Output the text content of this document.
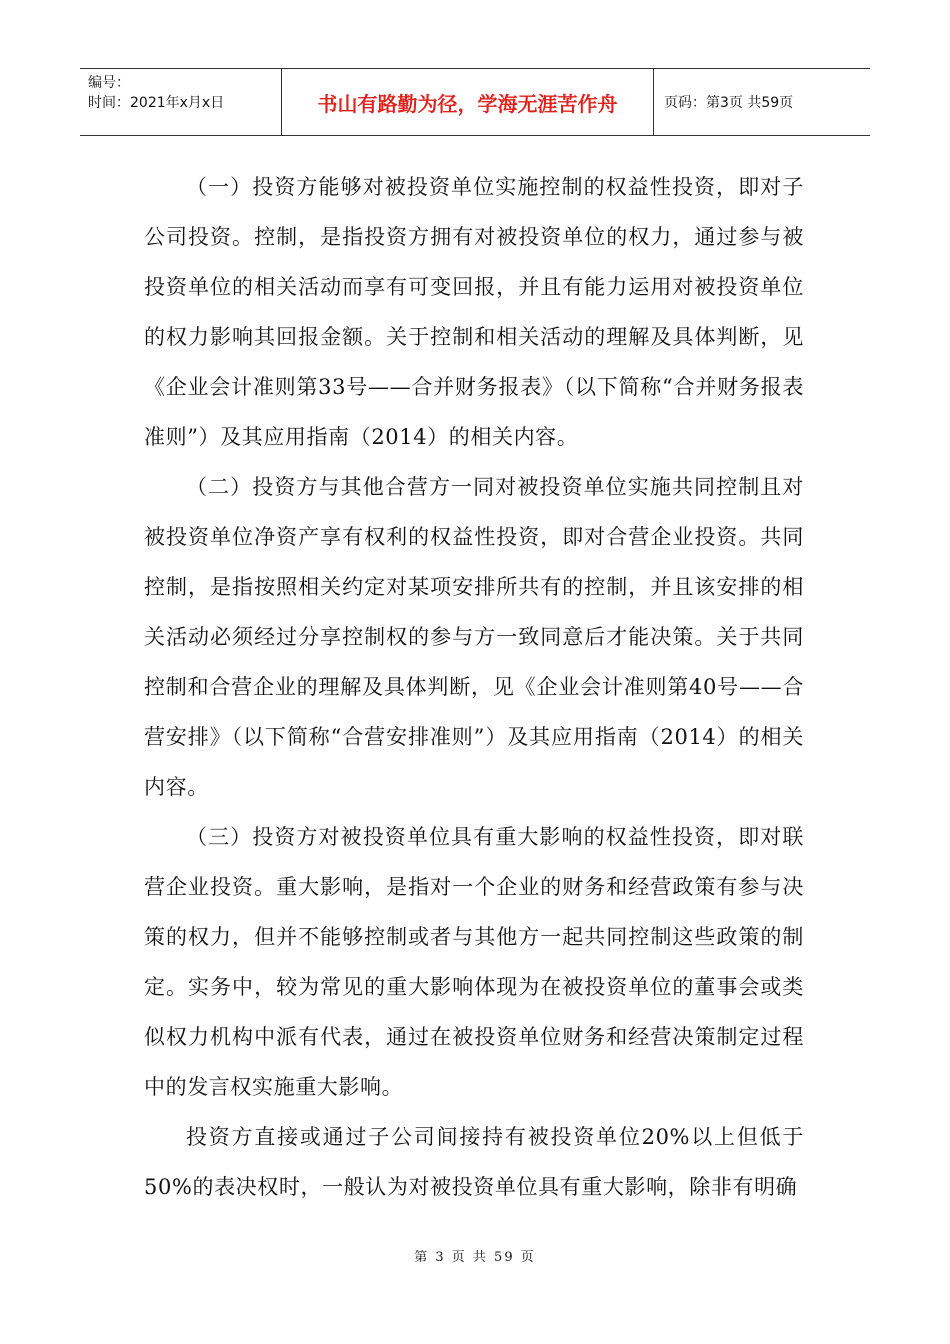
编号：
时间：2021年x月x日	书山有路勤为径，学海无涯苦作舟	页码：第3页 共59页

（一）投资方能够对被投资单位实施控制的权益性投资，即对子公司投资。控制，是指投资方拥有对被投资单位的权力，通过参与被投资单位的相关活动而享有可变回报，并且有能力运用对被投资单位的权力影响其回报金额。关于控制和相关活动的理解及具体判断，见《企业会计准则第33号——合并财务报表》（以下简称“合并财务报表准则”）及其应用指南（2014）的相关内容。

（二）投资方与其他合营方一同对被投资单位实施共同控制且对被投资单位净资产享有权利的权益性投资，即对合营企业投资。共同控制，是指按照相关约定对某项安排所共有的控制，并且该安排的相关活动必须经过分享控制权的参与方一致同意后才能决策。关于共同控制和合营企业的理解及具体判断，见《企业会计准则第40号——合营安排》（以下简称“合营安排准则”）及其应用指南（2014）的相关内容。

（三）投资方对被投资单位具有重大影响的权益性投资，即对联营企业投资。重大影响，是指对一个企业的财务和经营政策有参与决策的权力，但并不能够控制或者与其他方一起共同控制这些政策的制定。实务中，较为常见的重大影响体现为在被投资单位的董事会或类似权力机构中派有代表，通过在被投资单位财务和经营决策制定过程中的发言权实施重大影响。

投资方直接或通过子公司间接持有被投资单位20%以上但低于50%的表决权时，一般认为对被投资单位具有重大影响，除非有明确

第 3 页 共 59 页
